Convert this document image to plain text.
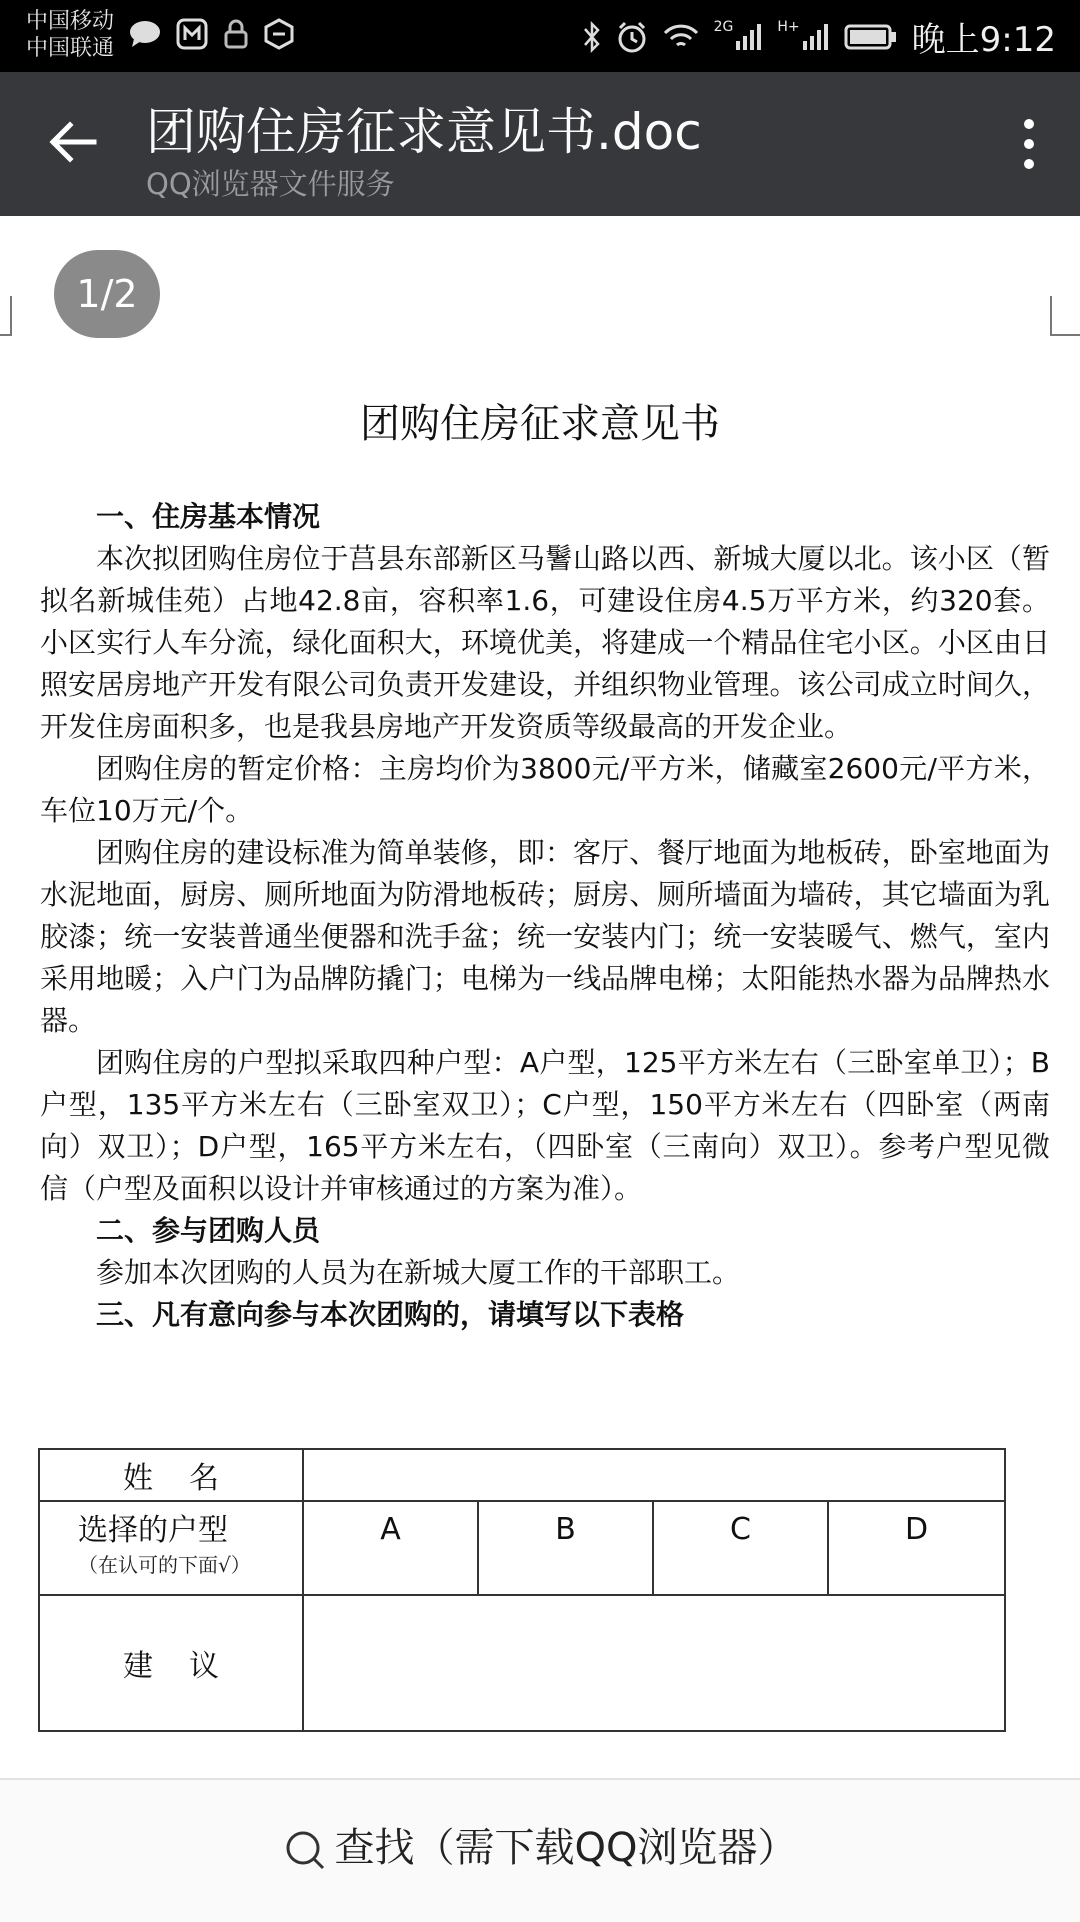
中国移动
中国联通
2G	H+	晚上9:12
团购住房征求意见书.doc
QQ浏览器文件服务
1/2
团购住房征求意见书

一、住房基本情况

本次拟团购住房位于莒县东部新区马鬐山路以西、新城大厦以北。该小区（暂拟名新城佳苑）占地42.8亩，容积率1.6，可建设住房4.5万平方米，约320套。小区实行人车分流，绿化面积大，环境优美，将建成一个精品住宅小区。小区由日照安居房地产开发有限公司负责开发建设，并组织物业管理。该公司成立时间久，开发住房面积多，也是我县房地产开发资质等级最高的开发企业。

团购住房的暂定价格：主房均价为3800元/平方米，储藏室2600元/平方米，车位10万元/个。

团购住房的建设标准为简单装修，即：客厅、餐厅地面为地板砖，卧室地面为水泥地面，厨房、厕所地面为防滑地板砖；厨房、厕所墙面为墙砖，其它墙面为乳胶漆；统一安装普通坐便器和洗手盆；统一安装内门；统一安装暖气、燃气，室内采用地暖；入户门为品牌防撬门；电梯为一线品牌电梯；太阳能热水器为品牌热水器。

团购住房的户型拟采取四种户型：A户型，125平方米左右（三卧室单卫）；B 户型，135平方米左右（三卧室双卫）；C户型，150平方米左右（四卧室（两南向）双卫）；D户型，165平方米左右，（四卧室（三南向）双卫）。参考户型见微信（户型及面积以设计并审核通过的方案为准）。

二、参与团购人员

参加本次团购的人员为在新城大厦工作的干部职工。

三、凡有意向参与本次团购的，请填写以下表格

姓名				
选择的户型
（在认可的下面√）	A	B	C	D
建议				
查找（需下载QQ浏览器）
